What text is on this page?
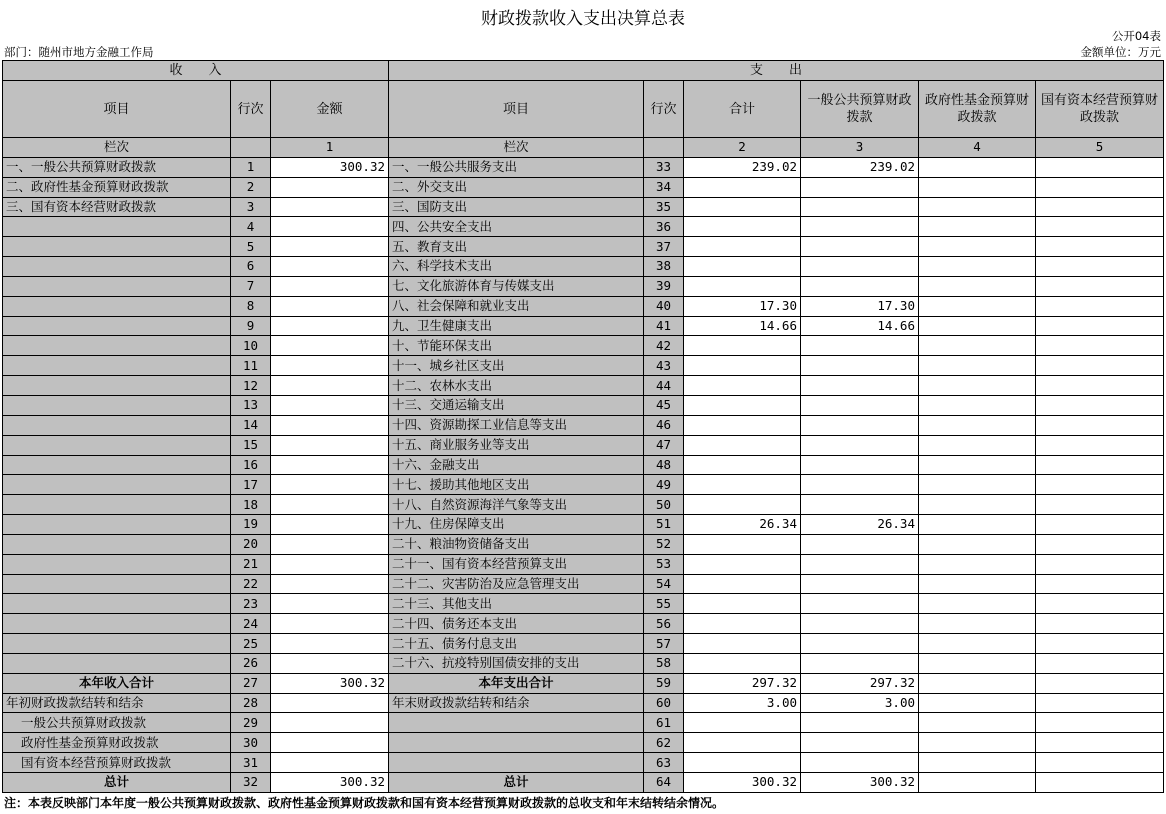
财政拨款收入支出决算总表
公开04表
部门：随州市地方金融工作局	金额单位：万元
收　　入			支　　出					
项目	行次	金额	项目	行次	合计	一般公共预算财政拨款	政府性基金预算财政拨款	国有资本经营预算财政拨款
栏次		1	栏次		2	3	4	5
一、一般公共预算财政拨款	1	300.32	一、一般公共服务支出	33	239.02	239.02		
二、政府性基金预算财政拨款	2		二、外交支出	34				
三、国有资本经营财政拨款	3		三、国防支出	35				
	4		四、公共安全支出	36				
	5		五、教育支出	37				
	6		六、科学技术支出	38				
	7		七、文化旅游体育与传媒支出	39				
	8		八、社会保障和就业支出	40	17.30	17.30		
	9		九、卫生健康支出	41	14.66	14.66		
	10		十、节能环保支出	42				
	11		十一、城乡社区支出	43				
	12		十二、农林水支出	44				
	13		十三、交通运输支出	45				
	14		十四、资源勘探工业信息等支出	46				
	15		十五、商业服务业等支出	47				
	16		十六、金融支出	48				
	17		十七、援助其他地区支出	49				
	18		十八、自然资源海洋气象等支出	50				
	19		十九、住房保障支出	51	26.34	26.34		
	20		二十、粮油物资储备支出	52				
	21		二十一、国有资本经营预算支出	53				
	22		二十二、灾害防治及应急管理支出	54				
	23		二十三、其他支出	55				
	24		二十四、债务还本支出	56				
	25		二十五、债务付息支出	57				
	26		二十六、抗疫特别国债安排的支出	58				
本年收入合计	27	300.32	本年支出合计	59	297.32	297.32		
年初财政拨款结转和结余	28		年末财政拨款结转和结余	60	3.00	3.00		
一般公共预算财政拨款	29			61				
政府性基金预算财政拨款	30			62				
国有资本经营预算财政拨款	31			63				
总计	32	300.32	总计	64	300.32	300.32		
注：本表反映部门本年度一般公共预算财政拨款、政府性基金预算财政拨款和国有资本经营预算财政拨款的总收支和年末结转结余情况。
